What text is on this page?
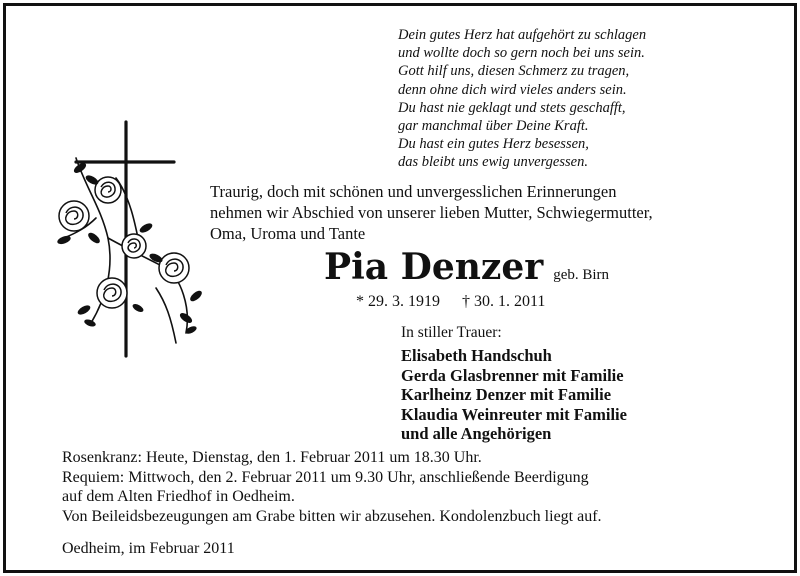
Dein gutes Herz hat aufgehört zu schlagen
und wollte doch so gern noch bei uns sein.
Gott hilf uns, diesen Schmerz zu tragen,
denn ohne dich wird vieles anders sein.
Du hast nie geklagt und stets geschafft,
gar manchmal über Deine Kraft.
Du hast ein gutes Herz besessen,
das bleibt uns ewig unvergessen.
Traurig, doch mit schönen und unvergesslichen Erinnerungen
nehmen wir Abschied von unserer lieben Mutter, Schwiegermutter,
Oma, Uroma und Tante
Pia Denzer geb. Birn
* 29. 3. 1919 † 30. 1. 2011
In stiller Trauer:
Elisabeth Handschuh
Gerda Glasbrenner mit Familie
Karlheinz Denzer mit Familie
Klaudia Weinreuter mit Familie
und alle Angehörigen
Rosenkranz: Heute, Dienstag, den 1. Februar 2011 um 18.30 Uhr.
Requiem: Mittwoch, den 2. Februar 2011 um 9.30 Uhr, anschließende Beerdigung
auf dem Alten Friedhof in Oedheim.
Von Beileidsbezeugungen am Grabe bitten wir abzusehen. Kondolenzbuch liegt auf.
Oedheim, im Februar 2011
